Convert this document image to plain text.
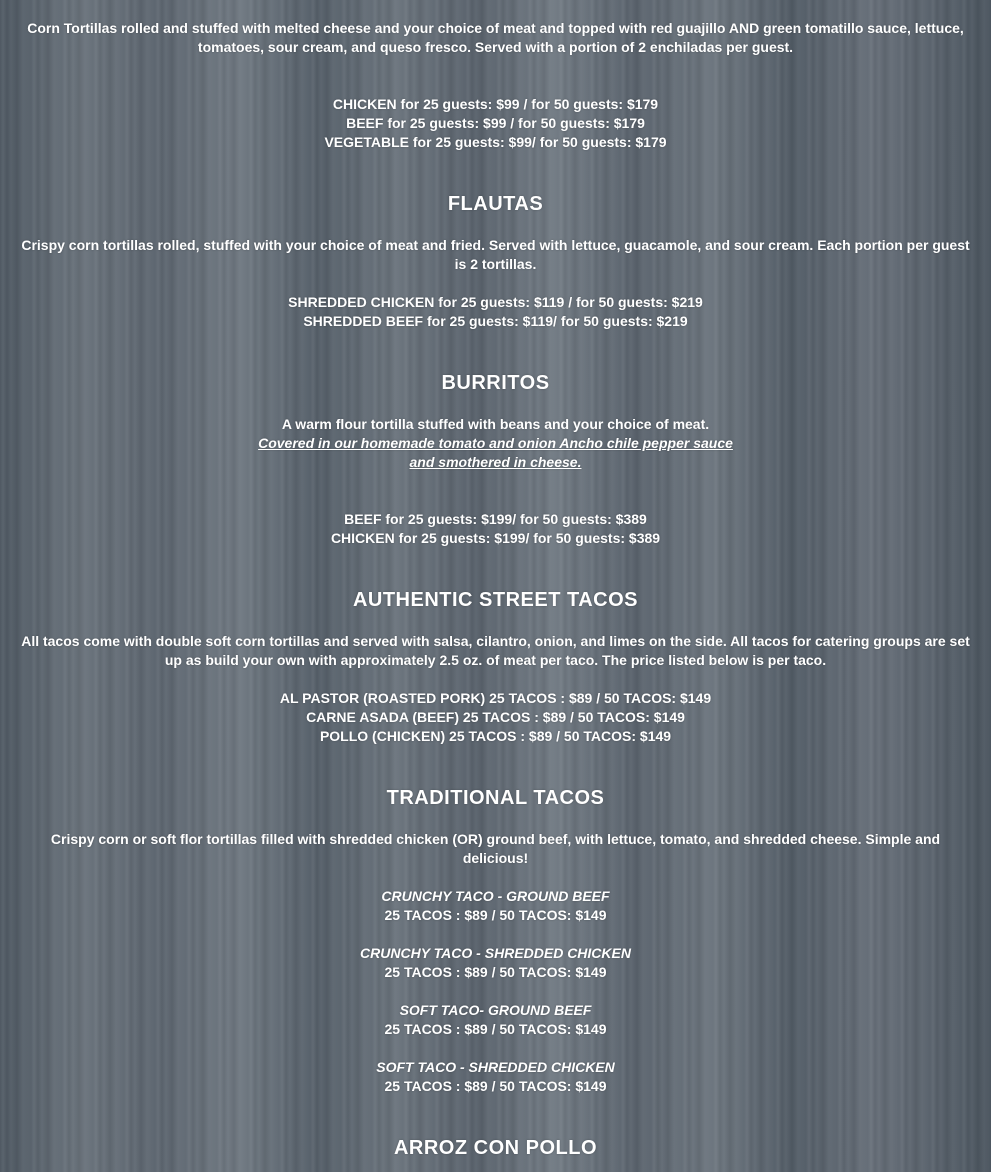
Corn Tortillas rolled and stuffed with melted cheese and your choice of meat and topped with red guajillo AND green tomatillo sauce, lettuce, tomatoes, sour cream, and queso fresco. Served with a portion of 2 enchiladas per guest.
CHICKEN for 25 guests: $99 / for 50 guests: $179
BEEF for 25 guests: $99 / for 50 guests: $179
VEGETABLE for 25 guests: $99/ for 50 guests: $179
FLAUTAS
Crispy corn tortillas rolled, stuffed with your choice of meat and fried. Served with lettuce, guacamole, and sour cream. Each portion per guest is 2 tortillas.
SHREDDED CHICKEN for 25 guests: $119 / for 50 guests: $219
SHREDDED BEEF for 25 guests: $119/ for 50 guests: $219
BURRITOS
A warm flour tortilla stuffed with beans and your choice of meat.
Covered in our homemade tomato and onion Ancho chile pepper sauce
and smothered in cheese.
BEEF for 25 guests: $199/ for 50 guests: $389
CHICKEN for 25 guests: $199/ for 50 guests: $389
AUTHENTIC STREET TACOS
All tacos come with double soft corn tortillas and served with salsa, cilantro, onion, and limes on the side. All tacos for catering groups are set up as build your own with approximately 2.5 oz. of meat per taco. The price listed below is per taco.
AL PASTOR (ROASTED PORK) 25 TACOS : $89 / 50 TACOS: $149
CARNE ASADA (BEEF) 25 TACOS : $89 / 50 TACOS: $149
POLLO (CHICKEN) 25 TACOS : $89 / 50 TACOS: $149
TRADITIONAL TACOS
Crispy corn or soft flor tortillas filled with shredded chicken (OR) ground beef, with lettuce, tomato, and shredded cheese. Simple and delicious!
CRUNCHY TACO - GROUND BEEF
25 TACOS : $89 / 50 TACOS: $149
CRUNCHY TACO - SHREDDED CHICKEN
25 TACOS : $89 / 50 TACOS: $149
SOFT TACO- GROUND BEEF
25 TACOS : $89 / 50 TACOS: $149
SOFT TACO - SHREDDED CHICKEN
25 TACOS : $89 / 50 TACOS: $149
ARROZ CON POLLO
